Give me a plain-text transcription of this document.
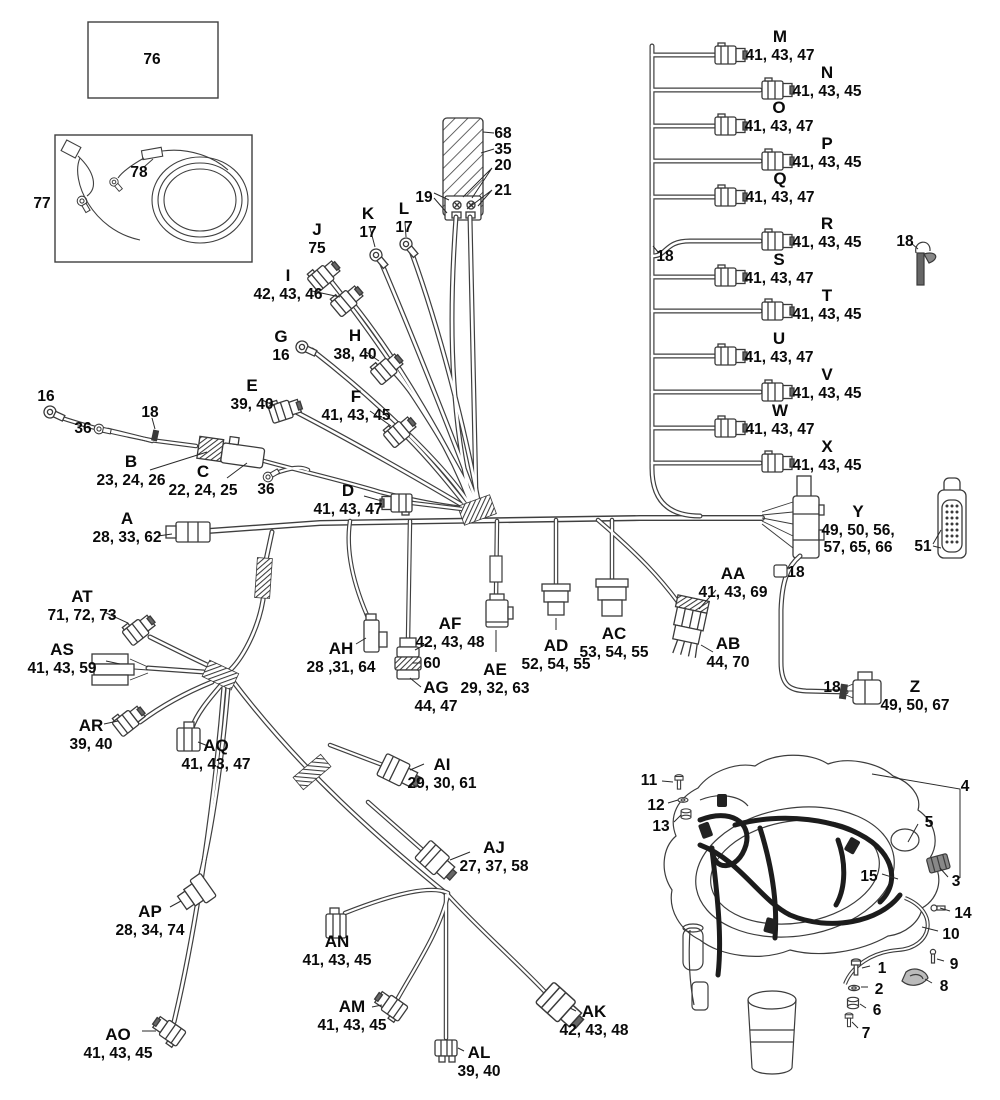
M
41, 43, 47
N
41, 43, 45
O
41, 43, 47
P
41, 43, 45
Q
41, 43, 47
R
41, 43, 45
S
41, 43, 47
T
41, 43, 45
U
41, 43, 47
V
41, 43, 45
W
41, 43, 47
X
41, 43, 45
Y
49, 50, 56,
57, 65, 66
Z
49, 50, 67
AA
41, 43, 69
AB
44, 70
AC
53, 54, 55
AD
52, 54, 55
AE
29, 32, 63
AF
42, 43, 48
AG
44, 47
AH
28 ,31, 64
AI
29, 30, 61
AJ
27, 37, 58
AK
42, 43, 48
AL
39, 40
AM
41, 43, 45
AN
41, 43, 45
AO
41, 43, 45
AP
28, 34, 74
AQ
41, 43, 47
AR
39, 40
AS
41, 43, 59
AT
71, 72, 73
A
28, 33, 62
B
23, 24, 26	C
22, 24, 25	D
41, 43, 47
E
39, 40	F
41, 43, 45
G
16
H
38, 40
I
42, 43, 46
J
75
K
17
L
17
76
77
78
68
35
20
21
19
18
18
18
18
18
16
36
36
51
1
2
6
7
8
9
10
14
15	3
4
5
11
12
13
60
